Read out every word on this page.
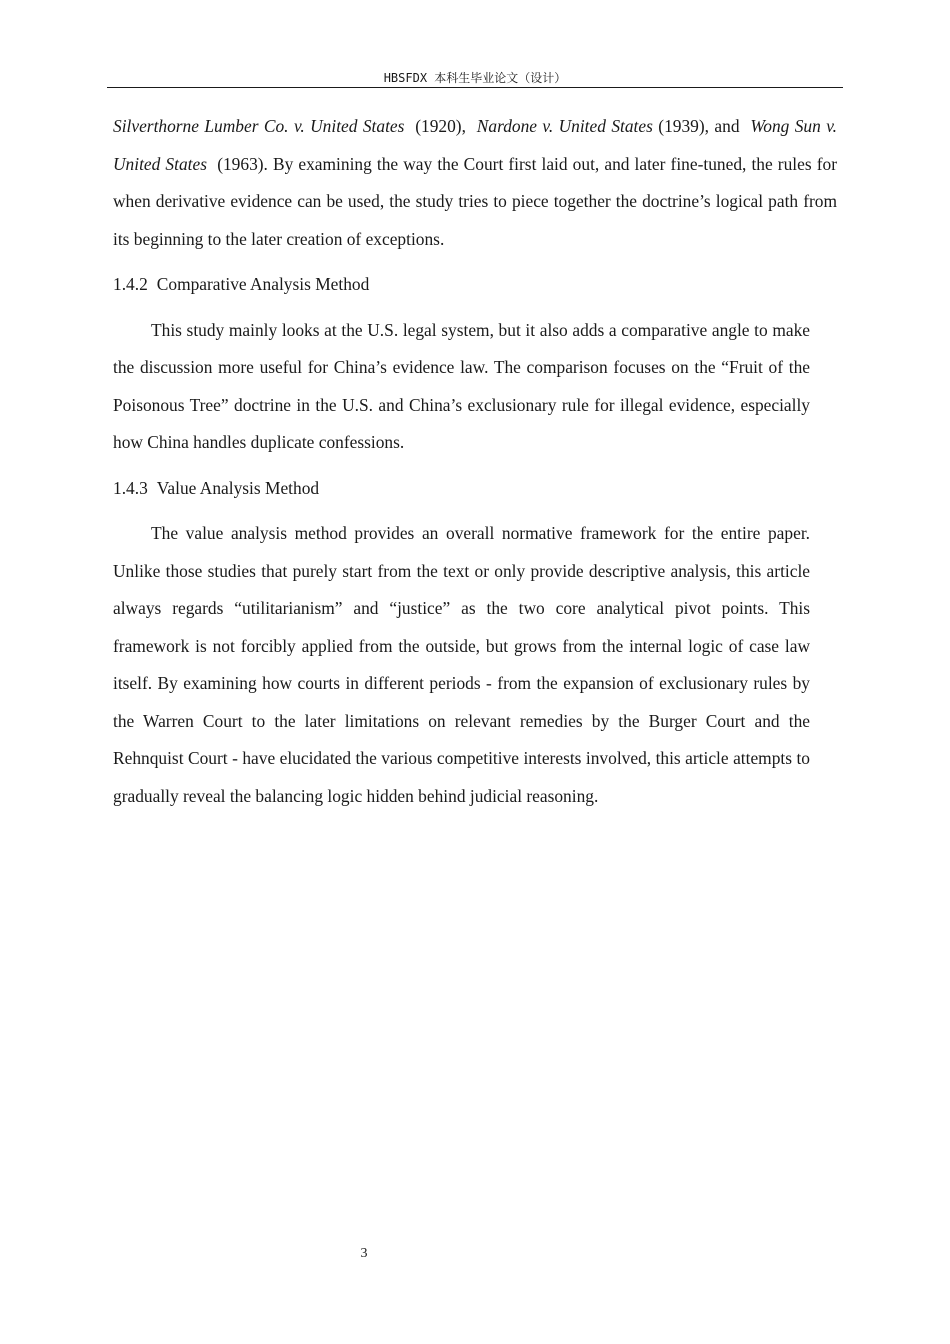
HBSFDX 本科生毕业论文（设计）

Silverthorne Lumber Co. v. United States (1920), Nardone v. United States (1939), and Wong Sun v. United States (1963). By examining the way the Court first laid out, and later fine-tuned, the rules for when derivative evidence can be used, the study tries to piece together the doctrine’s logical path from its beginning to the later creation of exceptions.

1.4.2 Comparative Analysis Method

This study mainly looks at the U.S. legal system, but it also adds a comparative angle to make the discussion more useful for China’s evidence law. The comparison focuses on the “Fruit of the Poisonous Tree” doctrine in the U.S. and China’s exclusionary rule for illegal evidence, especially how China handles duplicate confessions.

1.4.3 Value Analysis Method

The value analysis method provides an overall normative framework for the entire paper. Unlike those studies that purely start from the text or only provide descriptive analysis, this article always regards “utilitarianism” and “justice” as the two core analytical pivot points. This framework is not forcibly applied from the outside, but grows from the internal logic of case law itself. By examining how courts in different periods - from the expansion of exclusionary rules by the Warren Court to the later limitations on relevant remedies by the Burger Court and the Rehnquist Court - have elucidated the various competitive interests involved, this article attempts to gradually reveal the balancing logic hidden behind judicial reasoning.

3
